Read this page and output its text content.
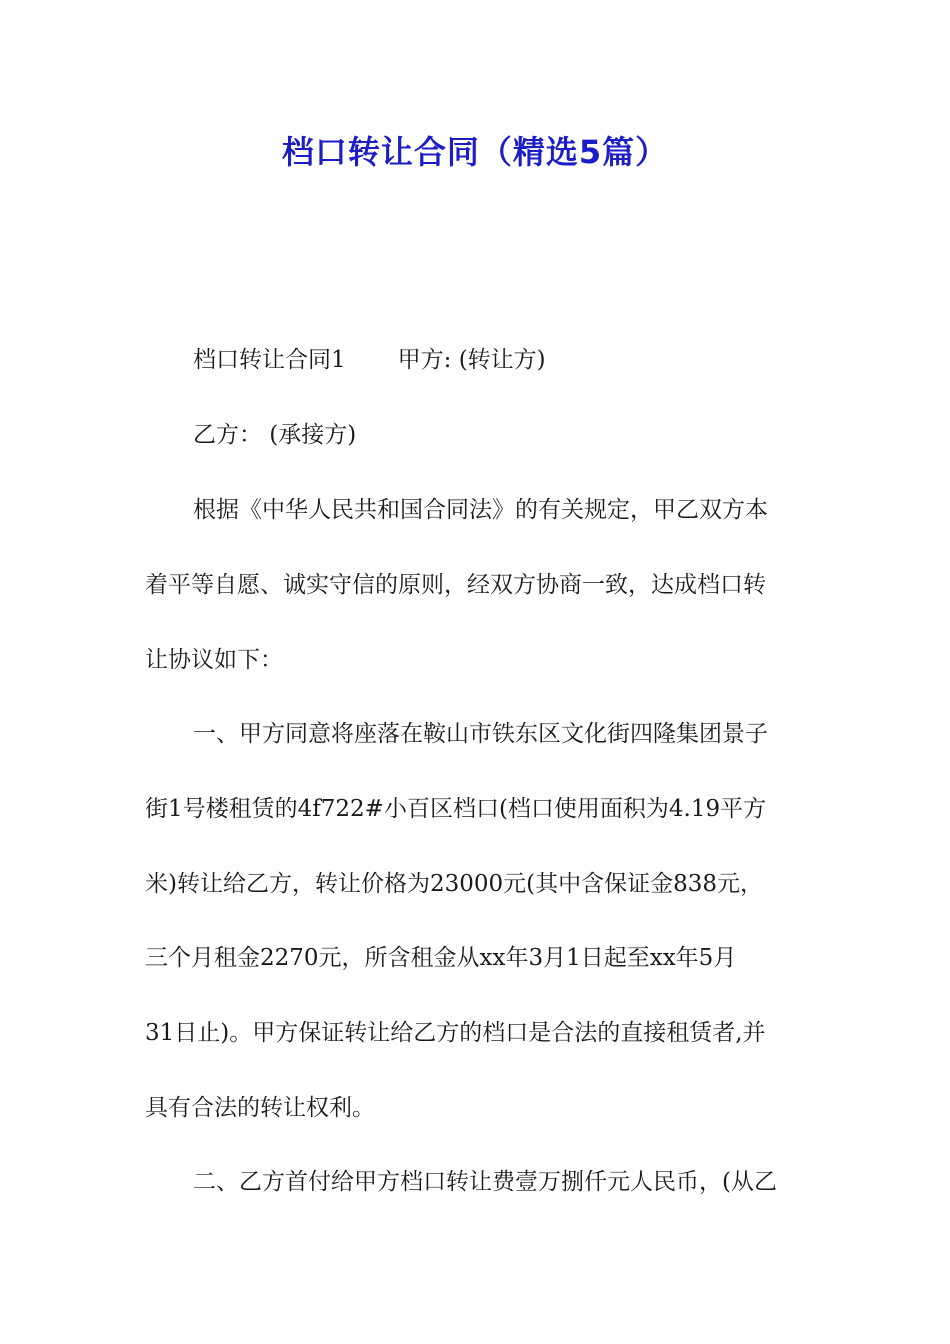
档口转让合同（精选5篇）
档口转让合同1 甲方: (转让方)
乙方： (承接方)
根据《中华人民共和国合同法》的有关规定，甲乙双方本
着平等自愿、诚实守信的原则，经双方协商一致，达成档口转
让协议如下：
一、甲方同意将座落在鞍山市铁东区文化街四隆集团景子
街1号楼租赁的4f722#小百区档口(档口使用面积为4.19平方
米)转让给乙方，转让价格为23000元(其中含保证金838元，
三个月租金2270元，所含租金从xx年3月1日起至xx年5月
31日止)。甲方保证转让给乙方的档口是合法的直接租赁者,并
具有合法的转让权利。
二、乙方首付给甲方档口转让费壹万捌仟元人民币，(从乙
